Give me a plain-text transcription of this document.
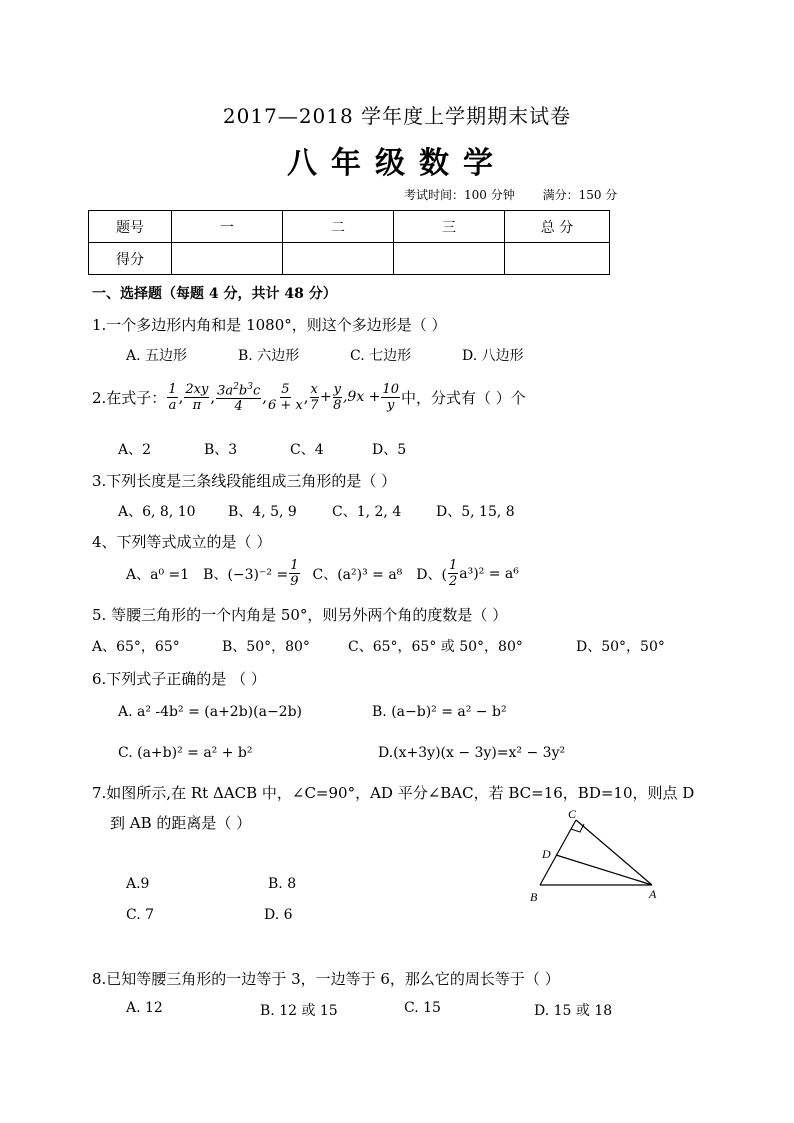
2017—2018 学年度上学期期末试卷
八年级数学
考试时间：100 分钟 满分：150 分
题号	一	二	三	总 分
得分				
一、选择题（每题 4 分，共计 48 分）
1.一个多边形内角和是 1080°，则这个多边形是（ ）
A. 五边形	B. 六边形	C. 七边形	D. 八边形
2.在式子： $\frac{1}{a}$ , $\frac{2xy}{\pi}$ , $\frac{3a^2b^3c}{4}$ , $\frac{5}{6 + x}$ , $\frac{x}{7} + \frac{y}{8} ,9x + \frac{10}{y}$ 中，分式有（ ）个
A、2	B、3	C、4	D、5
3.下列长度是三条线段能组成三角形的是（ ）
A、6, 8, 10 B、4, 5, 9	C、1, 2, 4 D、5, 15, 8
4、下列等式成立的是（ ）
A、a⁰ =1 B、$(-3)^{-2} = \frac{1}{9}$ C、(a²)³ = a⁸ D、( $\frac{1}{2} a^3)^2 = a^6$
5. 等腰三角形的一个内角是 50°，则另外两个角的度数是（ ）
A、65°，65°	B、50°，80°	C、65°，65° 或 50°，80°	D、50°，50°
6.下列式子正确的是 （ ）
A. a² -4b² = (a+2b)(a−2b)	B. (a−b)² = a² − b²
C. (a+b)² = a² + b²	D.(x+3y)(x − 3y)=x² − 3y²
7.如图所示,在 Rt ΔACB 中，∠C=90°，AD 平分∠BAC，若 BC=16，BD=10，则点 D
到 AB 的距离是（ ）	C
D
B	A
A.9	B. 8
C. 7	D. 6
8.已知等腰三角形的一边等于 3，一边等于 6，那么它的周长等于（ ）
A. 12	B. 12 或 15	C. 15	D. 15 或 18
